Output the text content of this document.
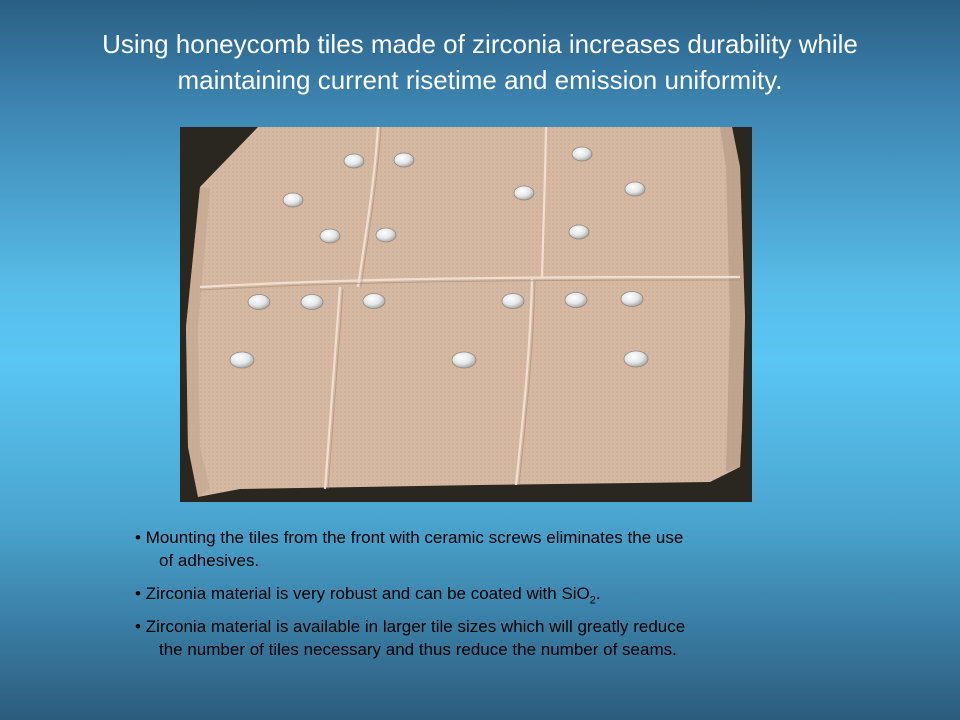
Using honeycomb tiles made of zirconia increases durability while
maintaining current risetime and emission uniformity.
• Mounting the tiles from the front with ceramic screws eliminates the use
of adhesives.
• Zirconia material is very robust and can be coated with SiO$_2$.
• Zirconia material is available in larger tile sizes which will greatly reduce
the number of tiles necessary and thus reduce the number of seams.
